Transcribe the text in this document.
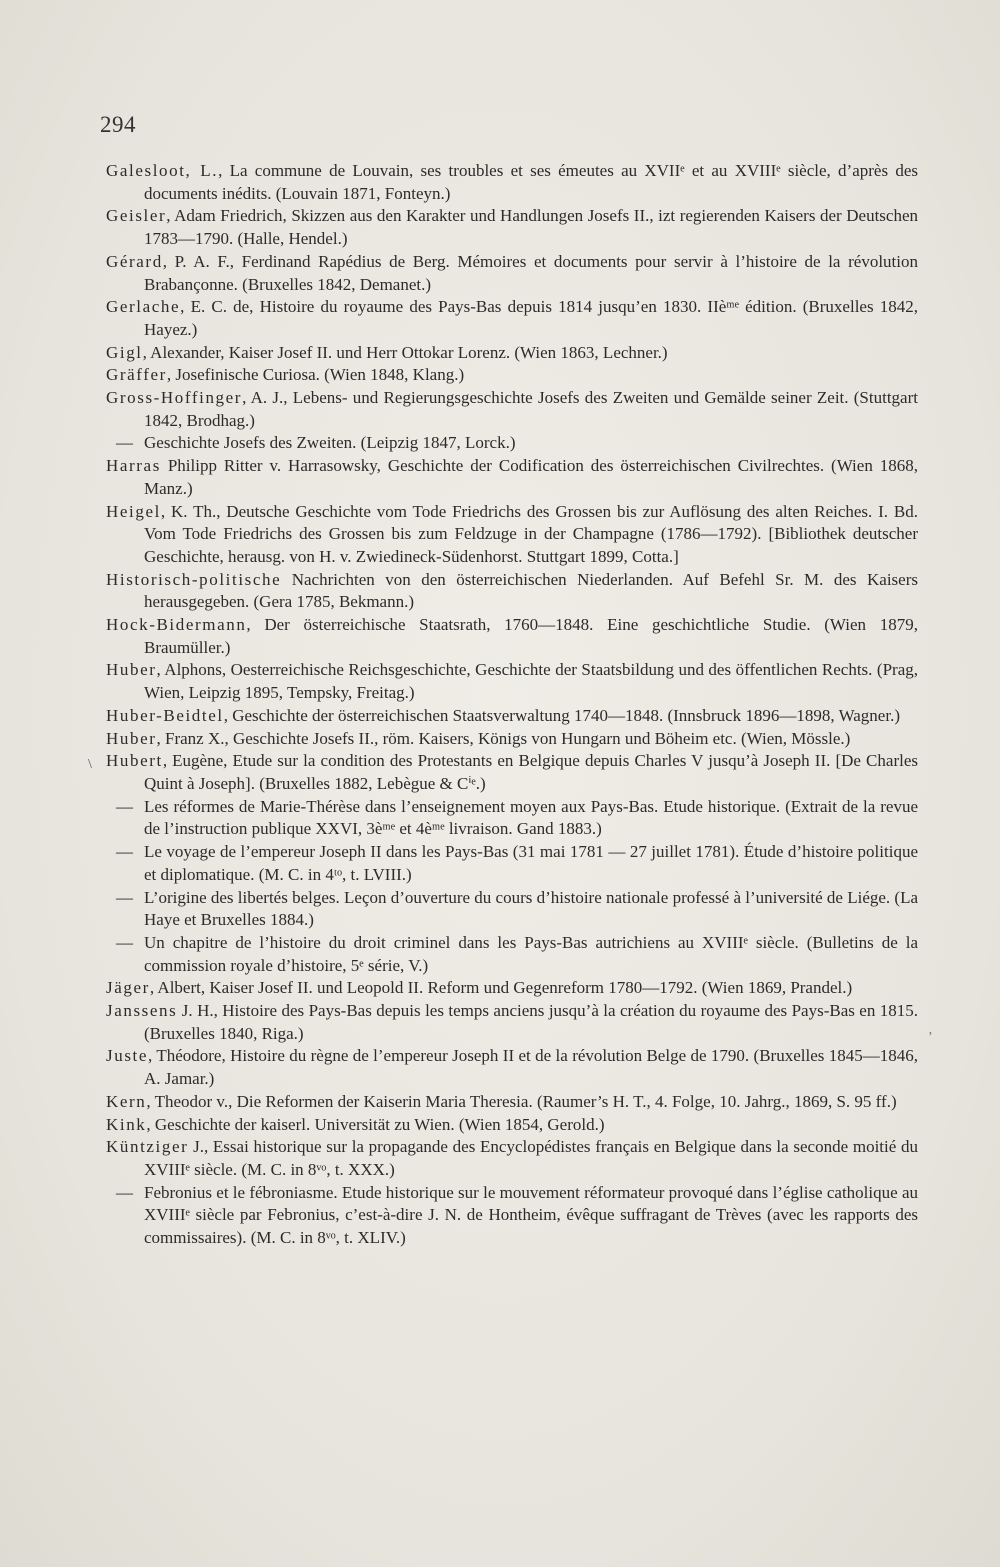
294
\
’

Galesloot, L., La commune de Louvain, ses troubles et ses émeutes au XVIIᵉ et au XVIIIᵉ siècle, d’après des documents inédits. (Louvain 1871, Fonteyn.)

Geisler, Adam Friedrich, Skizzen aus den Karakter und Handlungen Josefs II., izt regierenden Kaisers der Deutschen 1783—1790. (Halle, Hendel.)

Gérard, P. A. F., Ferdinand Rapédius de Berg. Mémoires et documents pour servir à l’histoire de la révolution Brabançonne. (Bruxelles 1842, Demanet.)

Gerlache, E. C. de, Histoire du royaume des Pays-Bas depuis 1814 jusqu’en 1830. IIèᵐᵉ édition. (Bruxelles 1842, Hayez.)

Gigl, Alexander, Kaiser Josef II. und Herr Ottokar Lorenz. (Wien 1863, Lechner.)

Gräffer, Josefinische Curiosa. (Wien 1848, Klang.)

Gross-Hoffinger, A. J., Lebens- und Regierungsgeschichte Josefs des Zweiten und Gemälde seiner Zeit. (Stuttgart 1842, Brodhag.)

— Geschichte Josefs des Zweiten. (Leipzig 1847, Lorck.)

Harras Philipp Ritter v. Harrasowsky, Geschichte der Codification des österreichischen Civilrechtes. (Wien 1868, Manz.)

Heigel, K. Th., Deutsche Geschichte vom Tode Friedrichs des Grossen bis zur Auflösung des alten Reiches. I. Bd. Vom Tode Friedrichs des Grossen bis zum Feldzuge in der Champagne (1786—1792). [Bibliothek deutscher Geschichte, herausg. von H. v. Zwiedineck-Südenhorst. Stuttgart 1899, Cotta.]

Historisch-politische Nachrichten von den österreichischen Niederlanden. Auf Befehl Sr. M. des Kaisers herausgegeben. (Gera 1785, Bekmann.)

Hock-Bidermann, Der österreichische Staatsrath, 1760—1848. Eine geschichtliche Studie. (Wien 1879, Braumüller.)

Huber, Alphons, Oesterreichische Reichsgeschichte, Geschichte der Staatsbildung und des öffentlichen Rechts. (Prag, Wien, Leipzig 1895, Tempsky, Freitag.)

Huber-Beidtel, Geschichte der österreichischen Staatsverwaltung 1740—1848. (Innsbruck 1896—1898, Wagner.)

Huber, Franz X., Geschichte Josefs II., röm. Kaisers, Königs von Hungarn und Böheim etc. (Wien, Mössle.)

Hubert, Eugène, Etude sur la condition des Protestants en Belgique depuis Charles V jusqu’à Joseph II. [De Charles Quint à Joseph]. (Bruxelles 1882, Lebègue & Cⁱᵉ.)

— Les réformes de Marie-Thérèse dans l’enseignement moyen aux Pays-Bas. Etude historique. (Extrait de la revue de l’instruction publique XXVI, 3èᵐᵉ et 4èᵐᵉ livraison. Gand 1883.)

— Le voyage de l’empereur Joseph II dans les Pays-Bas (31 mai 1781 — 27 juillet 1781). Étude d’histoire politique et diplomatique. (M. C. in 4ᵗᵒ, t. LVIII.)

— L’origine des libertés belges. Leçon d’ouverture du cours d’histoire nationale professé à l’université de Liége. (La Haye et Bruxelles 1884.)

— Un chapitre de l’histoire du droit criminel dans les Pays-Bas autrichiens au XVIIIᵉ siècle. (Bulletins de la commission royale d’histoire, 5ᵉ série, V.)

Jäger, Albert, Kaiser Josef II. und Leopold II. Reform und Gegenreform 1780—1792. (Wien 1869, Prandel.)

Janssens J. H., Histoire des Pays-Bas depuis les temps anciens jusqu’à la création du royaume des Pays-Bas en 1815. (Bruxelles 1840, Riga.)

Juste, Théodore, Histoire du règne de l’empereur Joseph II et de la révolution Belge de 1790. (Bruxelles 1845—1846, A. Jamar.)

Kern, Theodor v., Die Reformen der Kaiserin Maria Theresia. (Raumer’s H. T., 4. Folge, 10. Jahrg., 1869, S. 95 ff.)

Kink, Geschichte der kaiserl. Universität zu Wien. (Wien 1854, Gerold.)

Küntziger J., Essai historique sur la propagande des Encyclopédistes français en Belgique dans la seconde moitié du XVIIIᵉ siècle. (M. C. in 8ᵛᵒ, t. XXX.)

— Febronius et le fébroniasme. Etude historique sur le mouvement réformateur provoqué dans l’église catholique au XVIIIᵉ siècle par Febronius, c’est-à-dire J. N. de Hontheim, évêque suffragant de Trèves (avec les rapports des commissaires). (M. C. in 8ᵛᵒ, t. XLIV.)
